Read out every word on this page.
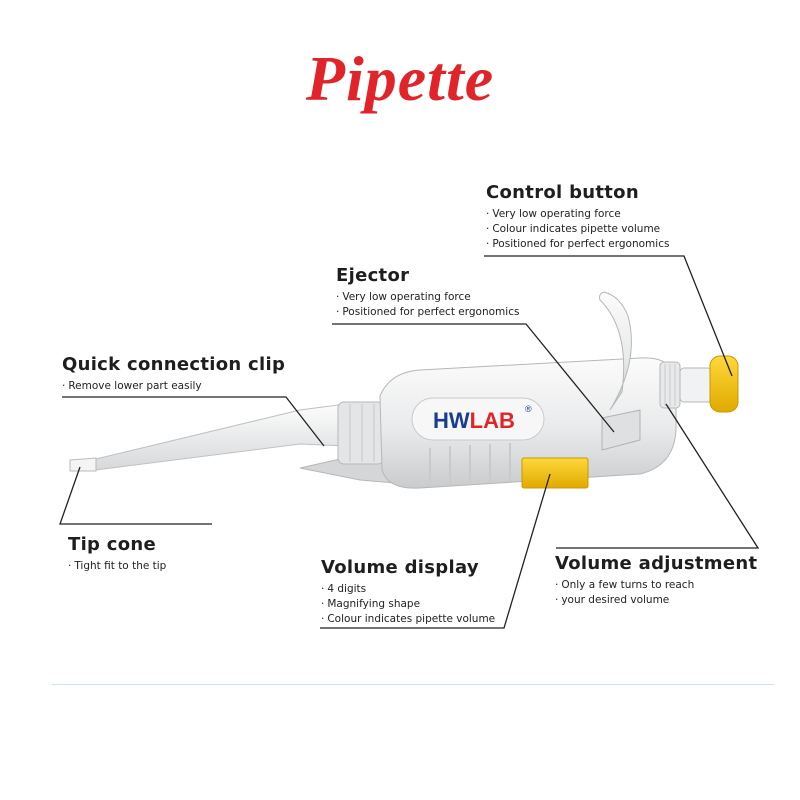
Pipette
HWLAB ®
Control button
· Very low operating force
· Colour indicates pipette volume
· Positioned for perfect ergonomics
Ejector
· Very low operating force
· Positioned for perfect ergonomics
Quick connection clip
· Remove lower part easily
Tip cone
· Tight fit to the tip	Volume display
· 4 digits
· Magnifying shape
· Colour indicates pipette volume
Volume adjustment
· Only a few turns to reach
· your desired volume
